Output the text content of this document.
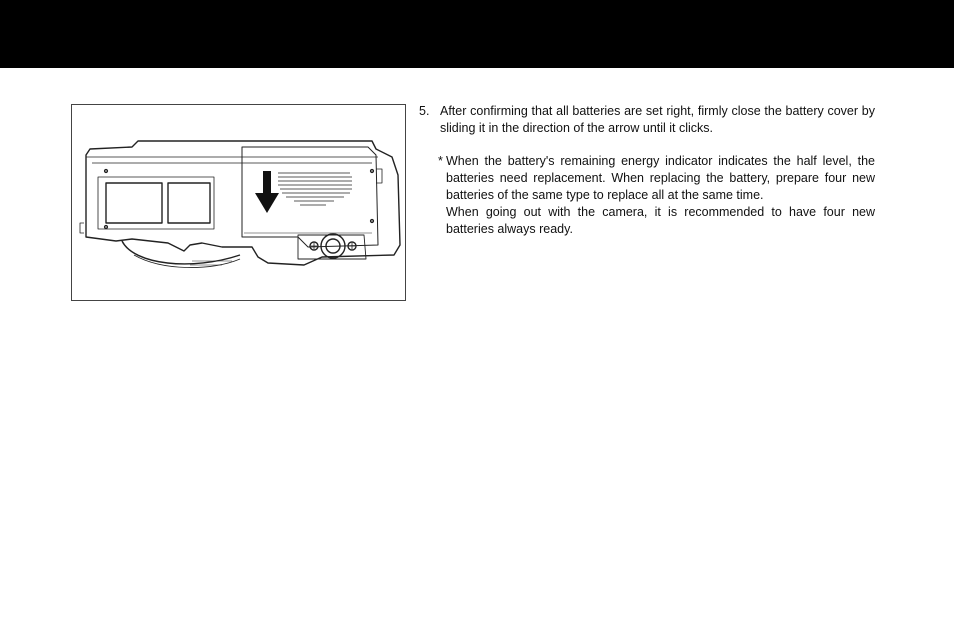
5. After confirming that all batteries are set right, firmly close the battery cover by sliding it in the direction of the arrow until it clicks.
* When the battery's remaining energy indicator indicates the half level, the batteries need replacement. When replacing the battery, prepare four new batteries of the same type to replace all at the same time.

When going out with the camera, it is recommended to have four new batteries always ready.
